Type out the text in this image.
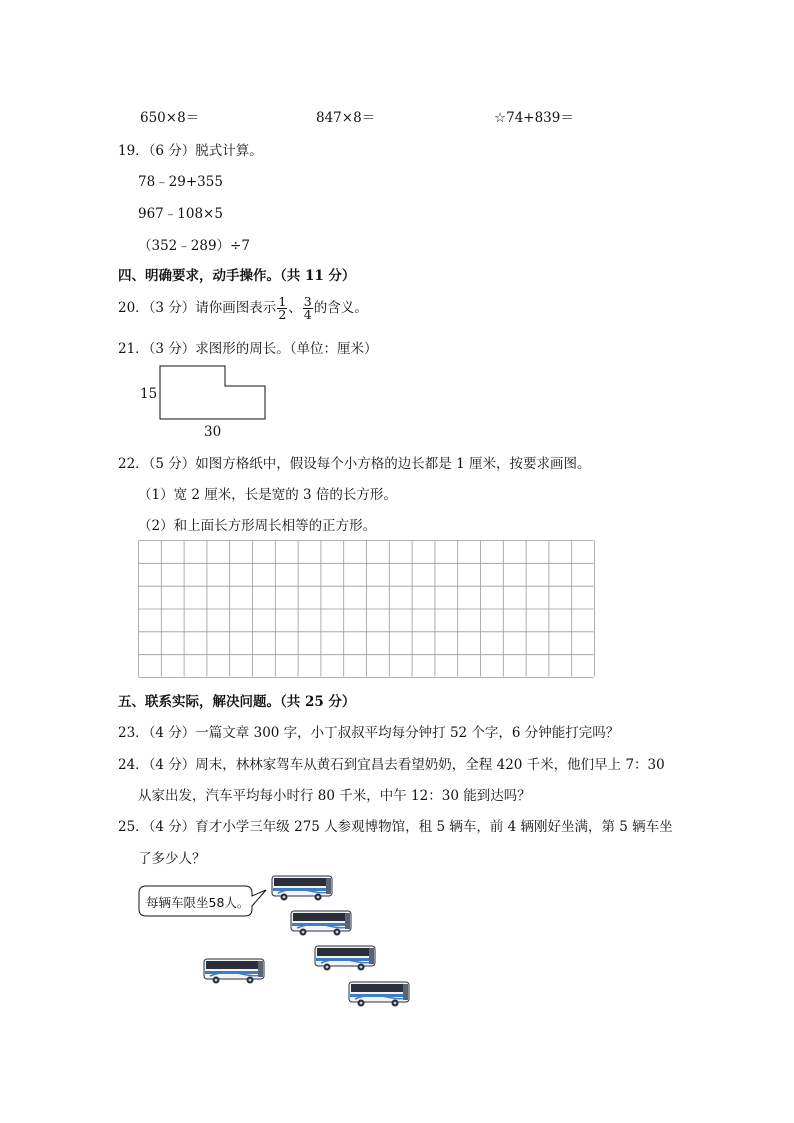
650×8＝	847×8＝	☆74+839＝
19．（6 分）脱式计算。
78﹣29+355
967﹣108×5
（352﹣289）÷7
四、明确要求，动手操作。（共 11 分）
20．（3 分）请你画图表示 $\frac{1}{2}$ 、 $\frac{3}{4}$ 的含义。
21．（3 分）求图形的周长。（单位：厘米）
15
30
22．（5 分）如图方格纸中，假设每个小方格的边长都是 1 厘米，按要求画图。
（1）宽 2 厘米，长是宽的 3 倍的长方形。
（2）和上面长方形周长相等的正方形。
五、联系实际，解决问题。（共 25 分）
23．（4 分）一篇文章 300 字，小丁叔叔平均每分钟打 52 个字，6 分钟能打完吗？
24．（4 分）周末，林林家驾车从黄石到宜昌去看望奶奶，全程 420 千米，他们早上 7：30
从家出发，汽车平均每小时行 80 千米，中午 12：30 能到达吗？
25．（4 分）育才小学三年级 275 人参观博物馆，租 5 辆车，前 4 辆刚好坐满，第 5 辆车坐
了多少人？
每辆车限坐58人。
